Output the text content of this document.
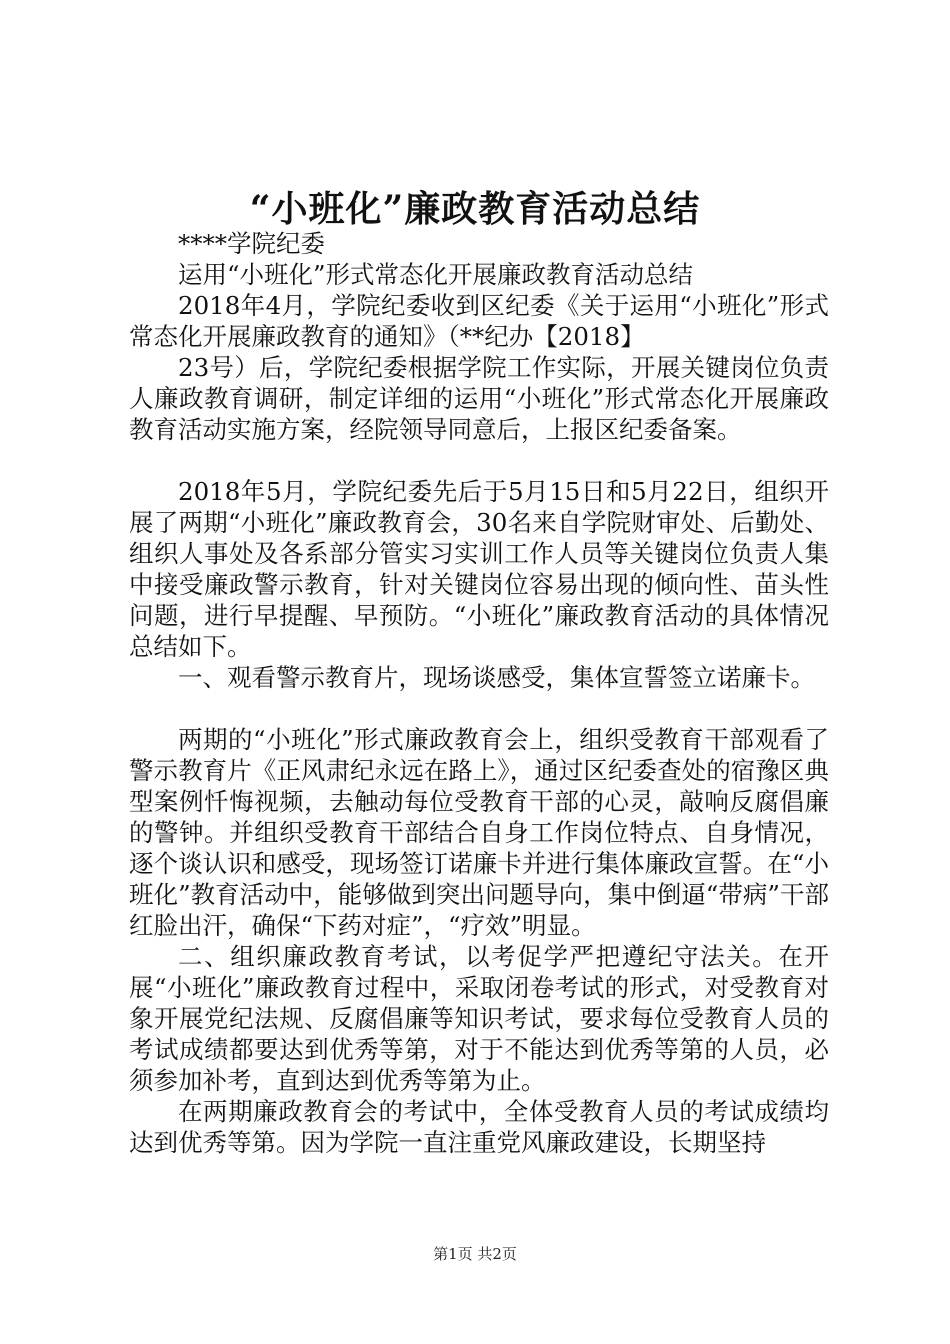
“小班化”廉政教育活动总结

****学院纪委

运用“小班化”形式常态化开展廉政教育活动总结

2018年4月，学院纪委收到区纪委《关于运用“小班化”形式常态化开展廉政教育的通知》（**纪办【2018】

23号）后，学院纪委根据学院工作实际，开展关键岗位负责人廉政教育调研，制定详细的运用“小班化”形式常态化开展廉政教育活动实施方案，经院领导同意后，上报区纪委备案。

2018年5月，学院纪委先后于5月15日和5月22日，组织开展了两期“小班化”廉政教育会，30名来自学院财审处、后勤处、组织人事处及各系部分管实习实训工作人员等关键岗位负责人集中接受廉政警示教育，针对关键岗位容易出现的倾向性、苗头性问题，进行早提醒、早预防。“小班化”廉政教育活动的具体情况总结如下。

一、观看警示教育片，现场谈感受，集体宣誓签立诺廉卡。

两期的“小班化”形式廉政教育会上，组织受教育干部观看了警示教育片《正风肃纪永远在路上》，通过区纪委查处的宿豫区典型案例忏悔视频，去触动每位受教育干部的心灵，敲响反腐倡廉的警钟。并组织受教育干部结合自身工作岗位特点、自身情况，逐个谈认识和感受，现场签订诺廉卡并进行集体廉政宣誓。在“小班化”教育活动中，能够做到突出问题导向，集中倒逼“带病”干部红脸出汗，确保“下药对症”，“疗效”明显。

二、组织廉政教育考试，以考促学严把遵纪守法关。在开展“小班化”廉政教育过程中，采取闭卷考试的形式，对受教育对象开展党纪法规、反腐倡廉等知识考试，要求每位受教育人员的考试成绩都要达到优秀等第，对于不能达到优秀等第的人员，必须参加补考，直到达到优秀等第为止。

在两期廉政教育会的考试中，全体受教育人员的考试成绩均达到优秀等第。因为学院一直注重党风廉政建设，长期坚持

第1页 共2页
